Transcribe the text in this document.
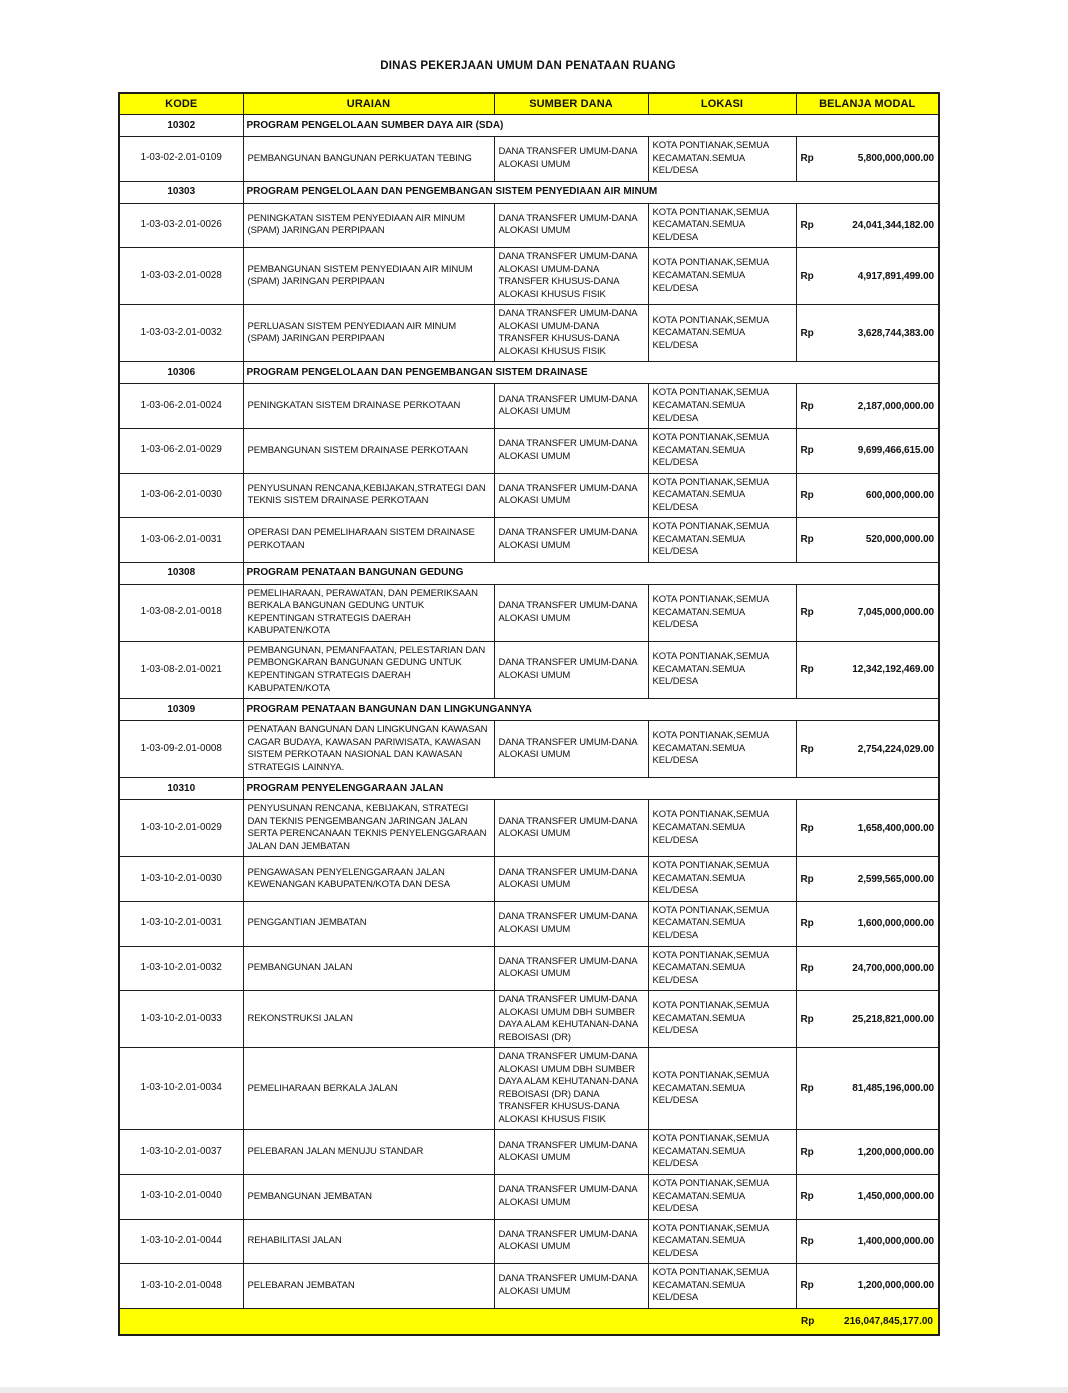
DINAS PEKERJAAN UMUM DAN PENATAAN RUANG
KODE	URAIAN	SUMBER DANA	LOKASI	BELANJA MODAL
10302	PROGRAM PENGELOLAAN SUMBER DAYA AIR (SDA)			
1-03-02-2.01-0109	PEMBANGUNAN BANGUNAN PERKUATAN TEBING	DANA TRANSFER UMUM-DANA ALOKASI UMUM	KOTA PONTIANAK,SEMUA KECAMATAN.SEMUA KEL/DESA	Rp 5,800,000,000.00

10303	PROGRAM PENGELOLAAN DAN PENGEMBANGAN SISTEM PENYEDIAAN AIR MINUM			
1-03-03-2.01-0026	PENINGKATAN SISTEM PENYEDIAAN AIR MINUM (SPAM) JARINGAN PERPIPAAN	DANA TRANSFER UMUM-DANA ALOKASI UMUM	KOTA PONTIANAK,SEMUA KECAMATAN.SEMUA KEL/DESA	Rp 24,041,344,182.00

1-03-03-2.01-0028	PEMBANGUNAN SISTEM PENYEDIAAN AIR MINUM (SPAM) JARINGAN PERPIPAAN	DANA TRANSFER UMUM-DANA ALOKASI UMUM-DANA TRANSFER KHUSUS-DANA ALOKASI KHUSUS FISIK	KOTA PONTIANAK,SEMUA KECAMATAN.SEMUA KEL/DESA	Rp 4,917,891,499.00

1-03-03-2.01-0032	PERLUASAN SISTEM PENYEDIAAN AIR MINUM (SPAM) JARINGAN PERPIPAAN	DANA TRANSFER UMUM-DANA ALOKASI UMUM-DANA TRANSFER KHUSUS-DANA ALOKASI KHUSUS FISIK	KOTA PONTIANAK,SEMUA KECAMATAN.SEMUA KEL/DESA	Rp 3,628,744,383.00

10306	PROGRAM PENGELOLAAN DAN PENGEMBANGAN SISTEM DRAINASE			
1-03-06-2.01-0024	PENINGKATAN SISTEM DRAINASE PERKOTAAN	DANA TRANSFER UMUM-DANA ALOKASI UMUM	KOTA PONTIANAK,SEMUA KECAMATAN.SEMUA KEL/DESA	Rp 2,187,000,000.00

1-03-06-2.01-0029	PEMBANGUNAN SISTEM DRAINASE PERKOTAAN	DANA TRANSFER UMUM-DANA ALOKASI UMUM	KOTA PONTIANAK,SEMUA KECAMATAN.SEMUA KEL/DESA	Rp 9,699,466,615.00

1-03-06-2.01-0030	PENYUSUNAN RENCANA,KEBIJAKAN,STRATEGI DAN TEKNIS SISTEM DRAINASE PERKOTAAN	DANA TRANSFER UMUM-DANA ALOKASI UMUM	KOTA PONTIANAK,SEMUA KECAMATAN.SEMUA KEL/DESA	Rp 600,000,000.00

1-03-06-2.01-0031	OPERASI DAN PEMELIHARAAN SISTEM DRAINASE PERKOTAAN	DANA TRANSFER UMUM-DANA ALOKASI UMUM	KOTA PONTIANAK,SEMUA KECAMATAN.SEMUA KEL/DESA	Rp 520,000,000.00

10308	PROGRAM PENATAAN BANGUNAN GEDUNG			
1-03-08-2.01-0018	PEMELIHARAAN, PERAWATAN, DAN PEMERIKSAAN BERKALA BANGUNAN GEDUNG UNTUK KEPENTINGAN STRATEGIS DAERAH KABUPATEN/KOTA	DANA TRANSFER UMUM-DANA ALOKASI UMUM	KOTA PONTIANAK,SEMUA KECAMATAN.SEMUA KEL/DESA	Rp 7,045,000,000.00

1-03-08-2.01-0021	PEMBANGUNAN, PEMANFAATAN, PELESTARIAN DAN PEMBONGKARAN BANGUNAN GEDUNG UNTUK KEPENTINGAN STRATEGIS DAERAH KABUPATEN/KOTA	DANA TRANSFER UMUM-DANA ALOKASI UMUM	KOTA PONTIANAK,SEMUA KECAMATAN.SEMUA KEL/DESA	Rp 12,342,192,469.00

10309	PROGRAM PENATAAN BANGUNAN DAN LINGKUNGANNYA			
1-03-09-2.01-0008	PENATAAN BANGUNAN DAN LINGKUNGAN KAWASAN CAGAR BUDAYA, KAWASAN PARIWISATA, KAWASAN SISTEM PERKOTAAN NASIONAL DAN KAWASAN STRATEGIS LAINNYA.	DANA TRANSFER UMUM-DANA ALOKASI UMUM	KOTA PONTIANAK,SEMUA KECAMATAN.SEMUA KEL/DESA	Rp 2,754,224,029.00

10310	PROGRAM PENYELENGGARAAN JALAN			
1-03-10-2.01-0029	PENYUSUNAN RENCANA, KEBIJAKAN, STRATEGI DAN TEKNIS PENGEMBANGAN JARINGAN JALAN SERTA PERENCANAAN TEKNIS PENYELENGGARAAN JALAN DAN JEMBATAN	DANA TRANSFER UMUM-DANA ALOKASI UMUM	KOTA PONTIANAK,SEMUA KECAMATAN.SEMUA KEL/DESA	Rp 1,658,400,000.00

1-03-10-2.01-0030	PENGAWASAN PENYELENGGARAAN JALAN KEWENANGAN KABUPATEN/KOTA DAN DESA	DANA TRANSFER UMUM-DANA ALOKASI UMUM	KOTA PONTIANAK,SEMUA KECAMATAN.SEMUA KEL/DESA	Rp 2,599,565,000.00

1-03-10-2.01-0031	PENGGANTIAN JEMBATAN	DANA TRANSFER UMUM-DANA ALOKASI UMUM	KOTA PONTIANAK,SEMUA KECAMATAN.SEMUA KEL/DESA	Rp 1,600,000,000.00

1-03-10-2.01-0032	PEMBANGUNAN JALAN	DANA TRANSFER UMUM-DANA ALOKASI UMUM	KOTA PONTIANAK,SEMUA KECAMATAN.SEMUA KEL/DESA	Rp 24,700,000,000.00

1-03-10-2.01-0033	REKONSTRUKSI JALAN	DANA TRANSFER UMUM-DANA ALOKASI UMUM DBH SUMBER DAYA ALAM KEHUTANAN-DANA REBOISASI (DR)	KOTA PONTIANAK,SEMUA KECAMATAN.SEMUA KEL/DESA	Rp 25,218,821,000.00

1-03-10-2.01-0034	PEMELIHARAAN BERKALA JALAN	DANA TRANSFER UMUM-DANA ALOKASI UMUM DBH SUMBER DAYA ALAM KEHUTANAN-DANA REBOISASI (DR) DANA TRANSFER KHUSUS-DANA ALOKASI KHUSUS FISIK	KOTA PONTIANAK,SEMUA KECAMATAN.SEMUA KEL/DESA	Rp 81,485,196,000.00

1-03-10-2.01-0037	PELEBARAN JALAN MENUJU STANDAR	DANA TRANSFER UMUM-DANA ALOKASI UMUM	KOTA PONTIANAK,SEMUA KECAMATAN.SEMUA KEL/DESA	Rp 1,200,000,000.00

1-03-10-2.01-0040	PEMBANGUNAN JEMBATAN	DANA TRANSFER UMUM-DANA ALOKASI UMUM	KOTA PONTIANAK,SEMUA KECAMATAN.SEMUA KEL/DESA	Rp 1,450,000,000.00

1-03-10-2.01-0044	REHABILITASI JALAN	DANA TRANSFER UMUM-DANA ALOKASI UMUM	KOTA PONTIANAK,SEMUA KECAMATAN.SEMUA KEL/DESA	Rp 1,400,000,000.00

1-03-10-2.01-0048	PELEBARAN JEMBATAN	DANA TRANSFER UMUM-DANA ALOKASI UMUM	KOTA PONTIANAK,SEMUA KECAMATAN.SEMUA KEL/DESA	Rp 1,200,000,000.00

				Rp 216,047,845,177.00
